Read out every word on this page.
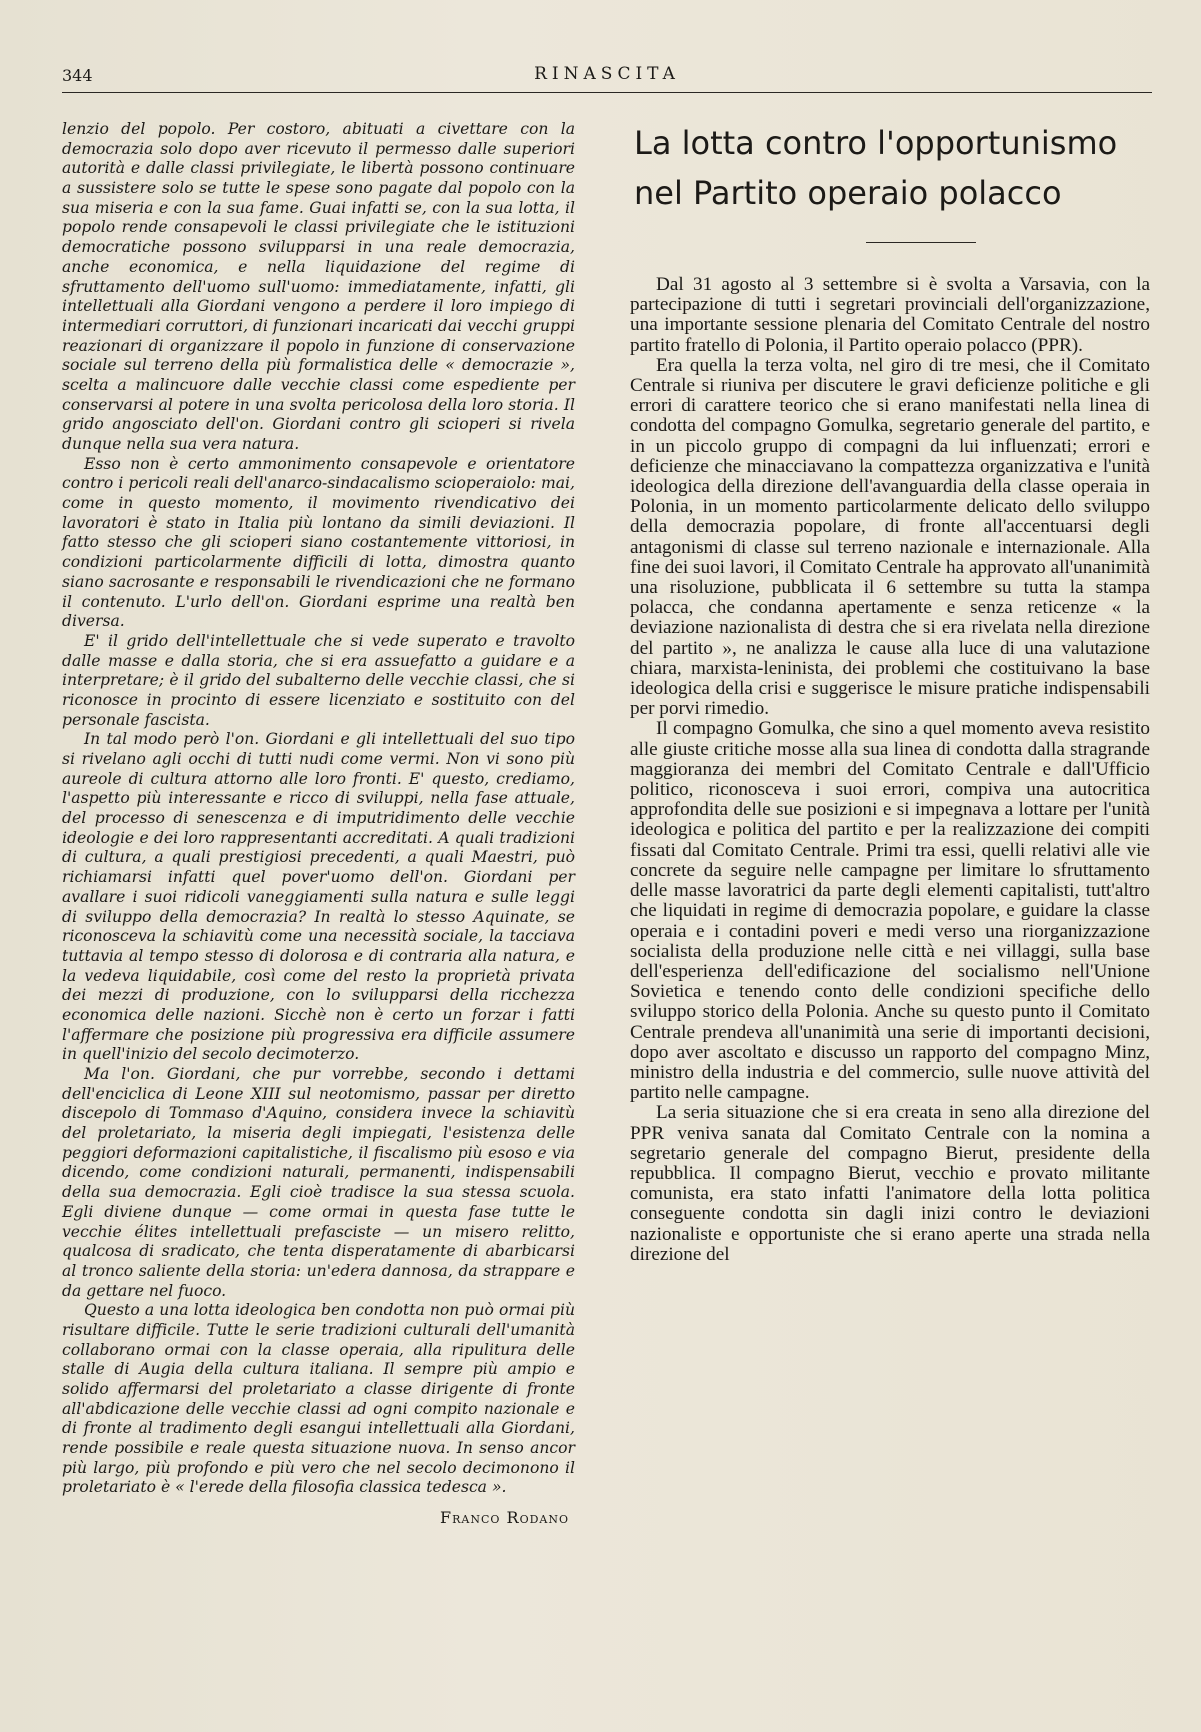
344	RINASCITA

lenzio del popolo. Per costoro, abituati a civettare con la democrazia solo dopo aver ricevuto il permesso dalle superiori autorità e dalle classi privilegiate, le libertà possono continuare a sussistere solo se tutte le spese sono pagate dal popolo con la sua miseria e con la sua fame. Guai infatti se, con la sua lotta, il popolo rende consapevoli le classi privilegiate che le istituzioni democratiche possono svilupparsi in una reale democrazia, anche economica, e nella liquidazione del regime di sfruttamento dell'uomo sull'uomo: immediatamente, infatti, gli intellettuali alla Giordani vengono a perdere il loro impiego di intermediari corruttori, di funzionari incaricati dai vecchi gruppi reazionari di organizzare il popolo in funzione di conservazione sociale sul terreno della più formalistica delle « democrazie », scelta a malincuore dalle vecchie classi come espediente per conservarsi al potere in una svolta pericolosa della loro storia. Il grido angosciato dell'on. Giordani contro gli scioperi si rivela dunque nella sua vera natura.

Esso non è certo ammonimento consapevole e orientatore contro i pericoli reali dell'anarco-sindacalismo scioperaiolo: mai, come in questo momento, il movimento rivendicativo dei lavoratori è stato in Italia più lontano da simili deviazioni. Il fatto stesso che gli scioperi siano costantemente vittoriosi, in condizioni particolarmente difficili di lotta, dimostra quanto siano sacrosante e responsabili le rivendicazioni che ne formano il contenuto. L'urlo dell'on. Giordani esprime una realtà ben diversa.

E' il grido dell'intellettuale che si vede superato e travolto dalle masse e dalla storia, che si era assuefatto a guidare e a interpretare; è il grido del subalterno delle vecchie classi, che si riconosce in procinto di essere licenziato e sostituito con del personale fascista.

In tal modo però l'on. Giordani e gli intellettuali del suo tipo si rivelano agli occhi di tutti nudi come vermi. Non vi sono più aureole di cultura attorno alle loro fronti. E' questo, crediamo, l'aspetto più interessante e ricco di sviluppi, nella fase attuale, del processo di senescenza e di imputridimento delle vecchie ideologie e dei loro rappresentanti accreditati. A quali tradizioni di cultura, a quali prestigiosi precedenti, a quali Maestri, può richiamarsi infatti quel pover'uomo dell'on. Giordani per avallare i suoi ridicoli vaneggiamenti sulla natura e sulle leggi di sviluppo della democrazia? In realtà lo stesso Aquinate, se riconosceva la schiavitù come una necessità sociale, la tacciava tuttavia al tempo stesso di dolorosa e di contraria alla natura, e la vedeva liquidabile, così come del resto la proprietà privata dei mezzi di produzione, con lo svilupparsi della ricchezza economica delle nazioni. Sicchè non è certo un forzar i fatti l'affermare che posizione più progressiva era difficile assumere in quell'inizio del secolo decimoterzo.

Ma l'on. Giordani, che pur vorrebbe, secondo i dettami dell'enciclica di Leone XIII sul neotomismo, passar per diretto discepolo di Tommaso d'Aquino, considera invece la schiavitù del proletariato, la miseria degli impiegati, l'esistenza delle peggiori deformazioni capitalistiche, il fiscalismo più esoso e via dicendo, come condizioni naturali, permanenti, indispensabili della sua democrazia. Egli cioè tradisce la sua stessa scuola. Egli diviene dunque — come ormai in questa fase tutte le vecchie élites intellettuali prefasciste — un misero relitto, qualcosa di sradicato, che tenta disperatamente di abarbicarsi al tronco saliente della storia: un'edera dannosa, da strappare e da gettare nel fuoco.

Questo a una lotta ideologica ben condotta non può ormai più risultare difficile. Tutte le serie tradizioni culturali dell'umanità collaborano ormai con la classe operaia, alla ripulitura delle stalle di Augia della cultura italiana. Il sempre più ampio e solido affermarsi del proletariato a classe dirigente di fronte all'abdicazione delle vecchie classi ad ogni compito nazionale e di fronte al tradimento degli esangui intellettuali alla Giordani, rende possibile e reale questa situazione nuova. In senso ancor più largo, più profondo e più vero che nel secolo decimonono il proletariato è « l'erede della filosofia classica tedesca ».

Franco Rodano
La lotta contro l'opportunismo
nel Partito operaio polacco

Dal 31 agosto al 3 settembre si è svolta a Varsavia, con la partecipazione di tutti i segretari provinciali dell'organizzazione, una importante sessione plenaria del Comitato Centrale del nostro partito fratello di Polonia, il Partito operaio polacco (PPR).

Era quella la terza volta, nel giro di tre mesi, che il Comitato Centrale si riuniva per discutere le gravi deficienze politiche e gli errori di carattere teorico che si erano manifestati nella linea di condotta del compagno Gomulka, segretario generale del partito, e in un piccolo gruppo di compagni da lui influenzati; errori e deficienze che minacciavano la compattezza organizzativa e l'unità ideologica della direzione dell'avanguardia della classe operaia in Polonia, in un momento particolarmente delicato dello sviluppo della democrazia popolare, di fronte all'accentuarsi degli antagonismi di classe sul terreno nazionale e internazionale. Alla fine dei suoi lavori, il Comitato Centrale ha approvato all'unanimità una risoluzione, pubblicata il 6 settembre su tutta la stampa polacca, che condanna apertamente e senza reticenze « la deviazione nazionalista di destra che si era rivelata nella direzione del partito », ne analizza le cause alla luce di una valutazione chiara, marxista-leninista, dei problemi che costituivano la base ideologica della crisi e suggerisce le misure pratiche indispensabili per porvi rimedio.

Il compagno Gomulka, che sino a quel momento aveva resistito alle giuste critiche mosse alla sua linea di condotta dalla stragrande maggioranza dei membri del Comitato Centrale e dall'Ufficio politico, riconosceva i suoi errori, compiva una autocritica approfondita delle sue posizioni e si impegnava a lottare per l'unità ideologica e politica del partito e per la realizzazione dei compiti fissati dal Comitato Centrale. Primi tra essi, quelli relativi alle vie concrete da seguire nelle campagne per limitare lo sfruttamento delle masse lavoratrici da parte degli elementi capitalisti, tutt'altro che liquidati in regime di democrazia popolare, e guidare la classe operaia e i contadini poveri e medi verso una riorganizzazione socialista della produzione nelle città e nei villaggi, sulla base dell'esperienza dell'edificazione del socialismo nell'Unione Sovietica e tenendo conto delle condizioni specifiche dello sviluppo storico della Polonia. Anche su questo punto il Comitato Centrale prendeva all'unanimità una serie di importanti decisioni, dopo aver ascoltato e discusso un rapporto del compagno Minz, ministro della industria e del commercio, sulle nuove attività del partito nelle campagne.

La seria situazione che si era creata in seno alla direzione del PPR veniva sanata dal Comitato Centrale con la nomina a segretario generale del compagno Bierut, presidente della repubblica. Il compagno Bierut, vecchio e provato militante comunista, era stato infatti l'animatore della lotta politica conseguente condotta sin dagli inizi contro le deviazioni nazionaliste e opportuniste che si erano aperte una strada nella direzione del
